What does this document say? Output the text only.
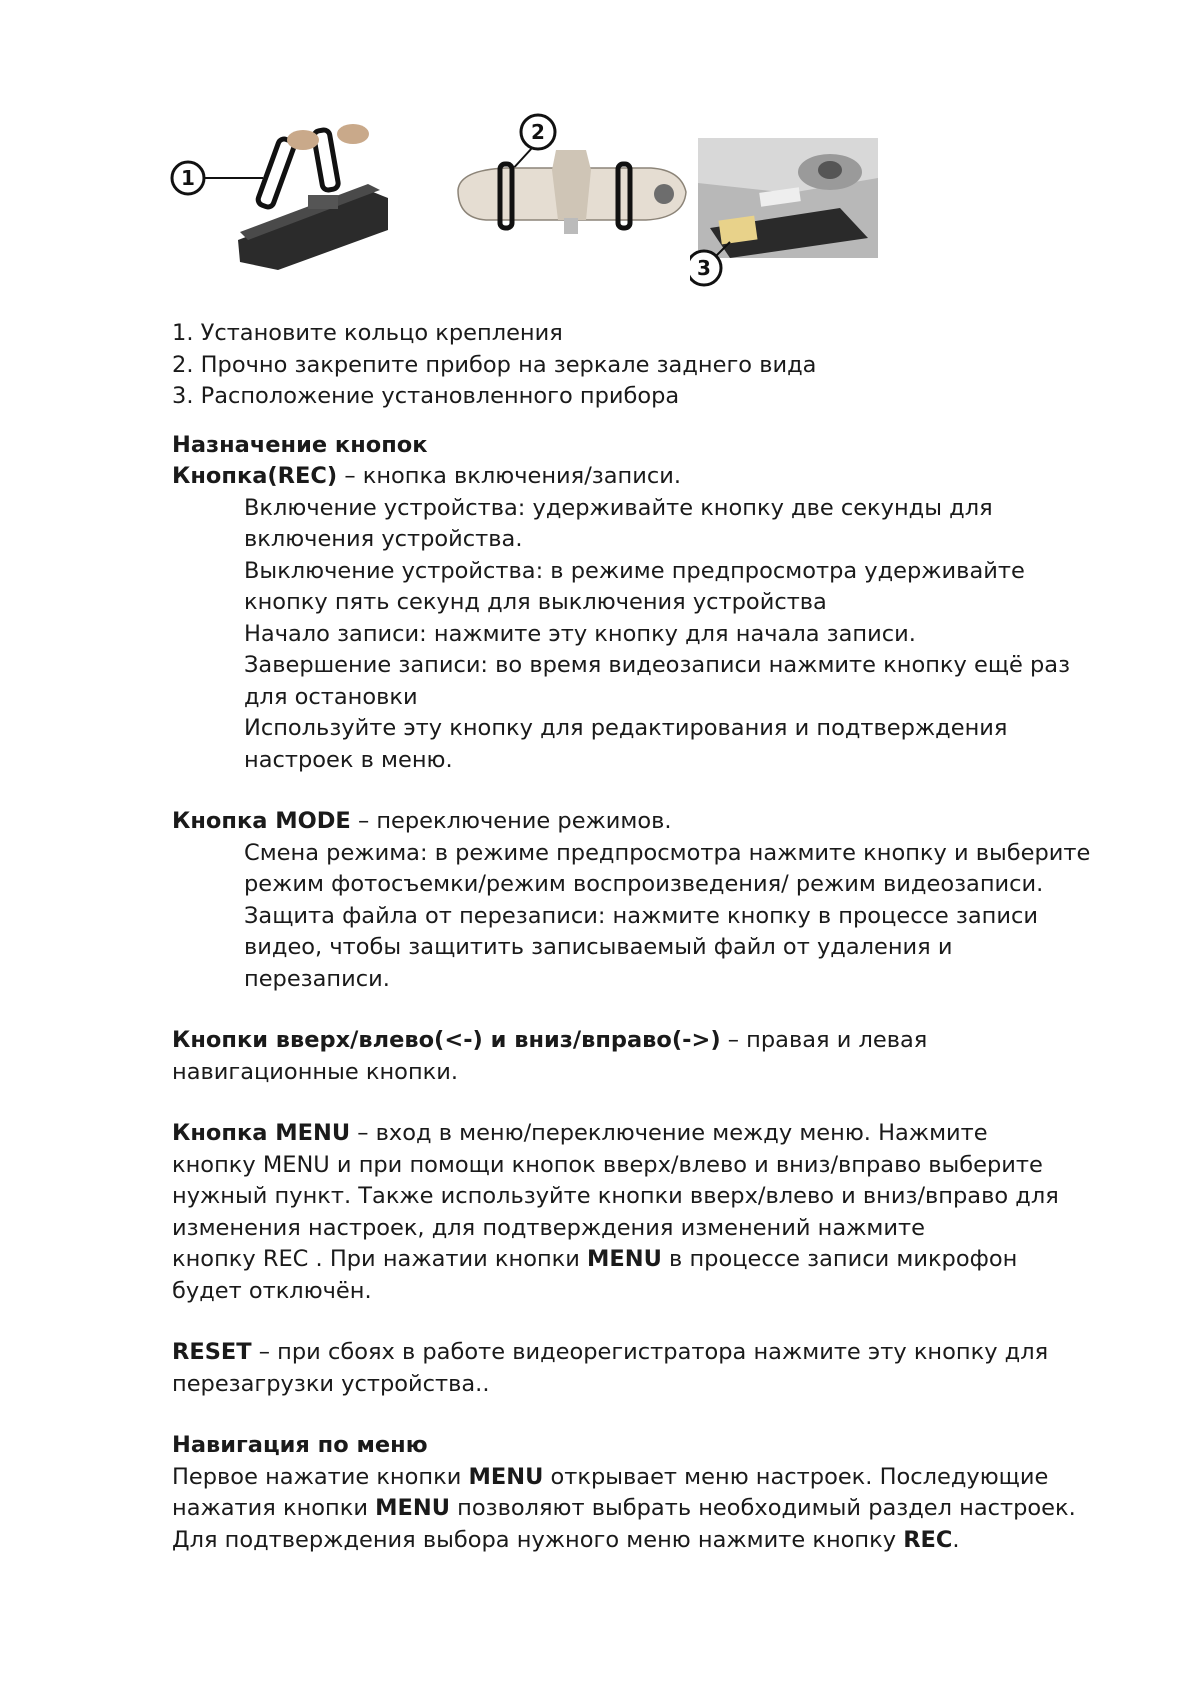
1
2
3

1. Установите кольцо крепления

2. Прочно закрепите прибор на зеркале заднего вида

3. Расположение установленного прибора

Назначение кнопок

Кнопка(REC) – кнопка включения/записи.

Включение устройства: удерживайте кнопку две секунды для

включения устройства.

Выключение устройства: в режиме предпросмотра удерживайте

кнопку пять секунд для выключения устройства

Начало записи: нажмите эту кнопку для начала записи.

Завершение записи: во время видеозаписи нажмите кнопку ещё раз

для остановки

Используйте эту кнопку для редактирования и подтверждения

настроек в меню.

Кнопка MODE – переключение режимов.

Смена режима: в режиме предпросмотра нажмите кнопку и выберите

режим фотосъемки/режим воспроизведения/ режим видеозаписи.

Защита файла от перезаписи: нажмите кнопку в процессе записи

видео, чтобы защитить записываемый файл от удаления и

перезаписи.

Кнопки вверх/влево(<-) и вниз/вправо(->) – правая и левая

навигационные кнопки.

Кнопка MENU – вход в меню/переключение между меню. Нажмите

кнопку MENU и при помощи кнопок вверх/влево и вниз/вправо выберите

нужный пункт. Также используйте кнопки вверх/влево и вниз/вправо для

изменения настроек, для подтверждения изменений нажмите

кнопку REC . При нажатии кнопки MENU в процессе записи микрофон

будет отключён.

RESET – при сбоях в работе видеорегистратора нажмите эту кнопку для

перезагрузки устройства..

Навигация по меню

Первое нажатие кнопки MENU открывает меню настроек. Последующие

нажатия кнопки MENU позволяют выбрать необходимый раздел настроек.

Для подтверждения выбора нужного меню нажмите кнопку REC.
